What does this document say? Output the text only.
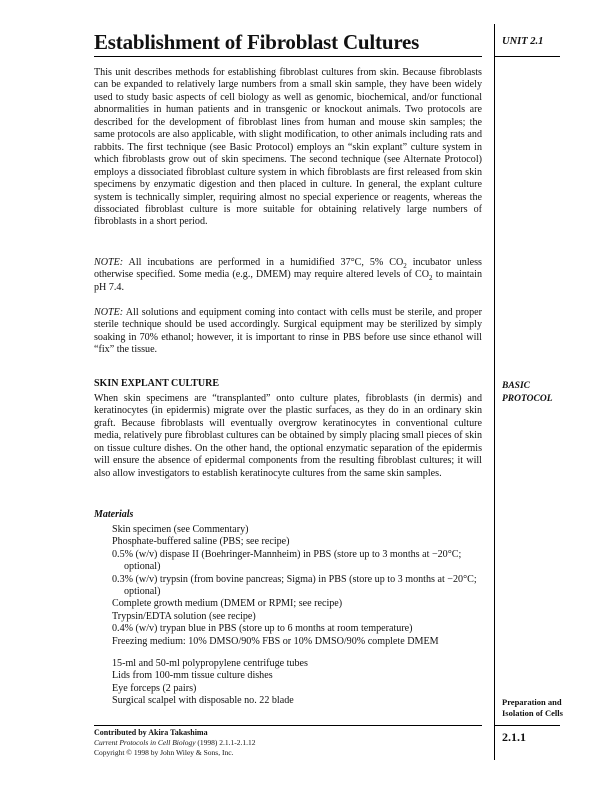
Establishment of Fibroblast Cultures

This unit describes methods for establishing fibroblast cultures from skin. Because fibroblasts can be expanded to relatively large numbers from a small skin sample, they have been widely used to study basic aspects of cell biology as well as genomic, biochemical, and/or functional abnormalities in human patients and in transgenic or knockout animals. Two protocols are described for the development of fibroblast lines from human and mouse skin samples; the same protocols are also applicable, with slight modification, to other animals including rats and rabbits. The first technique (see Basic Protocol) employs an “skin explant” culture system in which fibroblasts grow out of skin specimens. The second technique (see Alternate Protocol) employs a dissociated fibroblast culture system in which fibroblasts are first released from skin specimens by enzymatic digestion and then placed in culture. In general, the explant culture system is technically simpler, requiring almost no special experience or reagents, whereas the dissociated fibroblast culture is more suitable for obtaining relatively large numbers of fibroblasts in a short period.

NOTE: All incubations are performed in a humidified 37°C, 5% $CO_2$ incubator unless otherwise specified. Some media (e.g., DMEM) may require altered levels of $CO_2$ to maintain pH 7.4.

NOTE: All solutions and equipment coming into contact with cells must be sterile, and proper sterile technique should be used accordingly. Surgical equipment may be sterilized by simply soaking in 70% ethanol; however, it is important to rinse in PBS before use since ethanol will “fix” the tissue.

SKIN EXPLANT CULTURE

When skin specimens are “transplanted” onto culture plates, fibroblasts (in dermis) and keratinocytes (in epidermis) migrate over the plastic surfaces, as they do in an ordinary skin graft. Because fibroblasts will eventually overgrow keratinocytes in conventional culture media, relatively pure fibroblast cultures can be obtained by simply placing small pieces of skin on tissue culture dishes. On the other hand, the optional enzymatic separation of the epidermis will ensure the absence of epidermal components from the resulting fibroblast cultures; it will also allow investigators to establish keratinocyte cultures from the same skin samples.

Materials
Skin specimen (see Commentary)
Phosphate-buffered saline (PBS; see recipe)
0.5% (w/v) dispase II (Boehringer-Mannheim) in PBS (store up to 3 months at −20°C; optional)
0.3% (w/v) trypsin (from bovine pancreas; Sigma) in PBS (store up to 3 months at −20°C; optional)
Complete growth medium (DMEM or RPMI; see recipe)
Trypsin/EDTA solution (see recipe)
0.4% (w/v) trypan blue in PBS (store up to 6 months at room temperature)
Freezing medium: 10% DMSO/90% FBS or 10% DMSO/90% complete DMEM
15-ml and 50-ml polypropylene centrifuge tubes
Lids from 100-mm tissue culture dishes
Eye forceps (2 pairs)
Surgical scalpel with disposable no. 22 blade
UNIT 2.1
BASIC
PROTOCOL
Preparation and
Isolation of Cells
2.1.1
Contributed by Akira Takashima
Current Protocols in Cell Biology (1998) 2.1.1-2.1.12
Copyright © 1998 by John Wiley & Sons, Inc.
